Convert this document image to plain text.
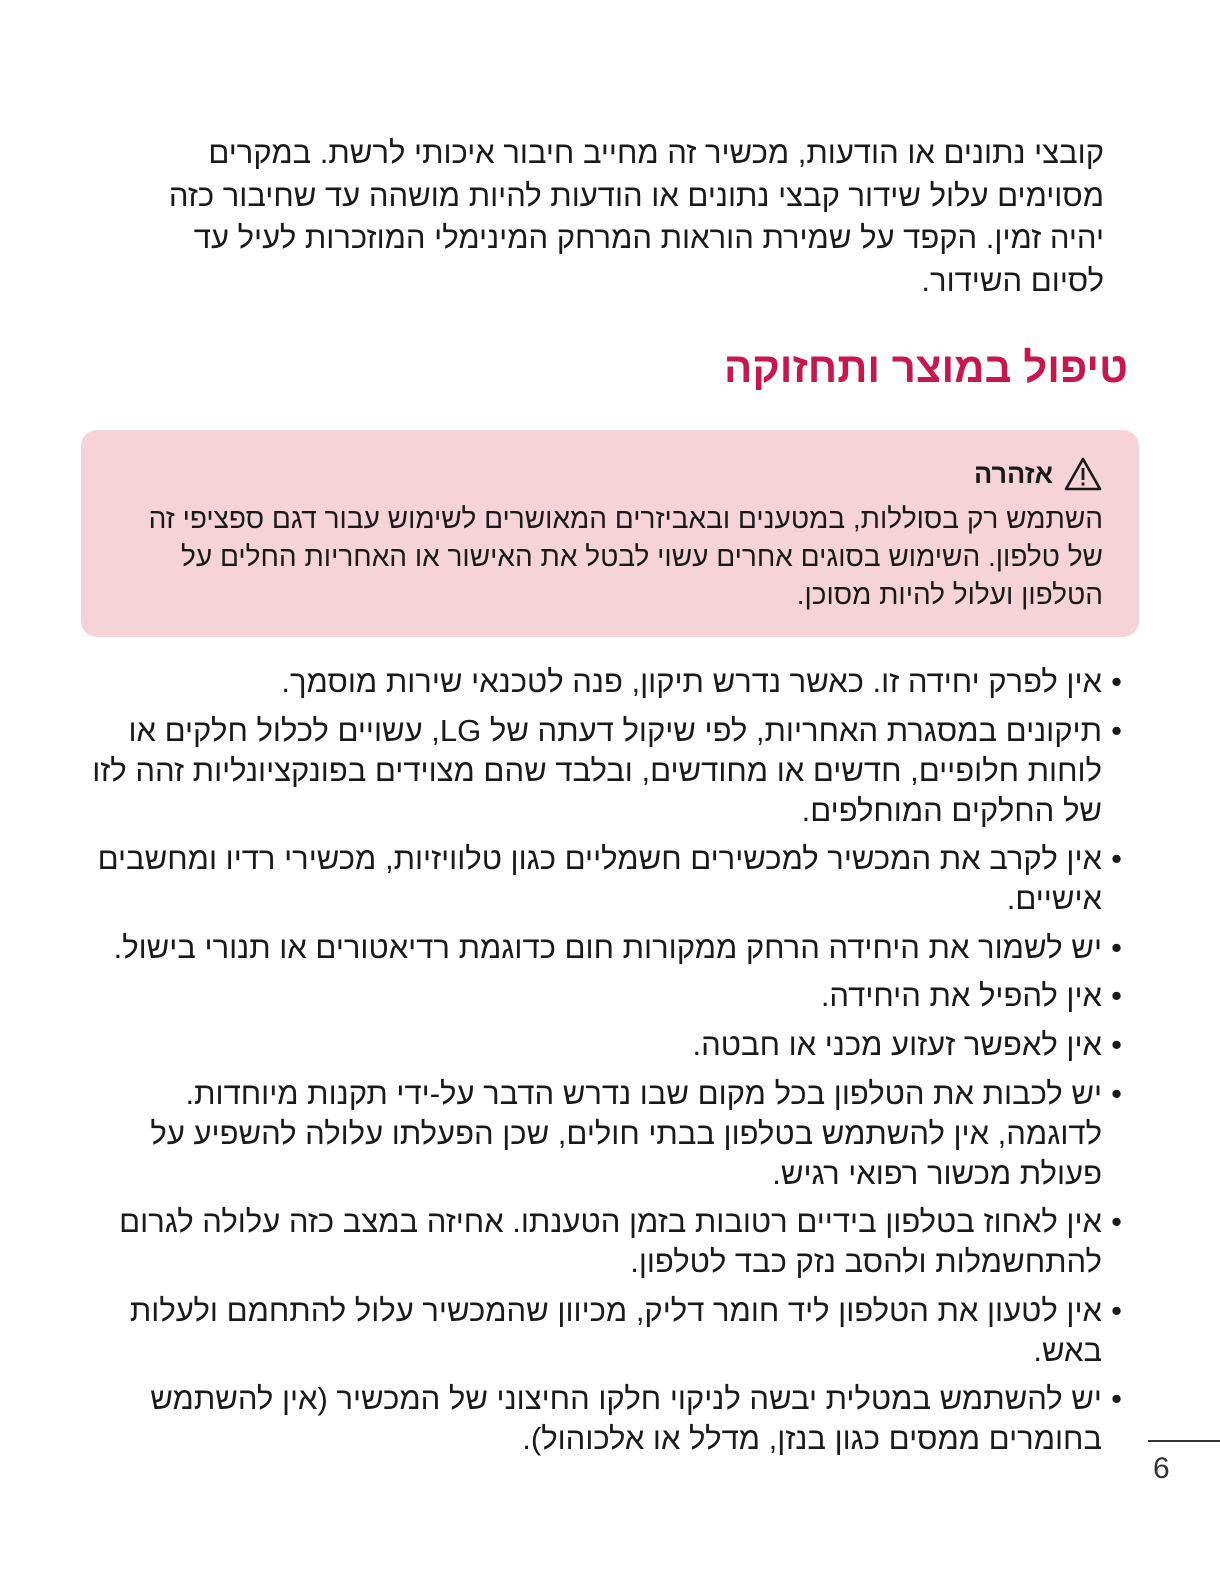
קובצי נתונים או הודעות, מכשיר זה מחייב חיבור איכותי לרשת. במקרים מסוימים עלול שידור קבצי נתונים או הודעות להיות מושהה עד שחיבור כזה יהיה זמין. הקפד על שמירת הוראות המרחק המינימלי המוזכרות לעיל עד לסיום השידור.

טיפול במוצר ותחזוקה
אזהרה

השתמש רק בסוללות, במטענים ובאביזרים המאושרים לשימוש עבור דגם ספציפי זה של טלפון. השימוש בסוגים אחרים עשוי לבטל את האישור או האחריות החלים על הטלפון ועלול להיות מסוכן.

•
אין לפרק יחידה זו. כאשר נדרש תיקון, פנה לטכנאי שירות מוסמך.
•
תיקונים במסגרת האחריות, לפי שיקול דעתה של LG, עשויים לכלול חלקים או לוחות חלופיים, חדשים או מחודשים, ובלבד שהם מצוידים בפונקציונליות זהה לזו של החלקים המוחלפים.
•
אין לקרב את המכשיר למכשירים חשמליים כגון טלוויזיות, מכשירי רדיו ומחשבים אישיים.
•
יש לשמור את היחידה הרחק ממקורות חום כדוגמת רדיאטורים או תנורי בישול.
•
אין להפיל את היחידה.
•
אין לאפשר זעזוע מכני או חבטה.
•
יש לכבות את הטלפון בכל מקום שבו נדרש הדבר על-ידי תקנות מיוחדות. לדוגמה, אין להשתמש בטלפון בבתי חולים, שכן הפעלתו עלולה להשפיע על פעולת מכשור רפואי רגיש.
•
אין לאחוז בטלפון בידיים רטובות בזמן הטענתו. אחיזה במצב כזה עלולה לגרום להתחשמלות ולהסב נזק כבד לטלפון.
•
אין לטעון את הטלפון ליד חומר דליק, מכיוון שהמכשיר עלול להתחמם ולעלות באש.
•
יש להשתמש במטלית יבשה לניקוי חלקו החיצוני של המכשיר (אין להשתמש בחומרים ממסים כגון בנזן, מדלל או אלכוהול).
6
